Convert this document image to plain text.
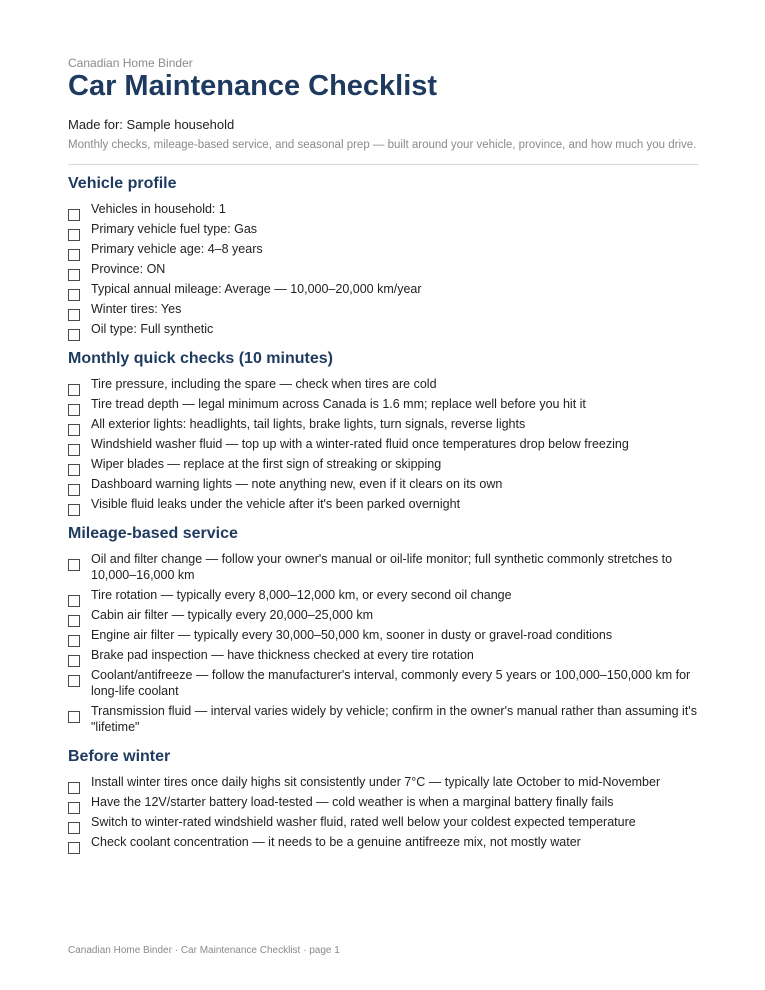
Canadian Home Binder
Car Maintenance Checklist
Made for: Sample household
Monthly checks, mileage-based service, and seasonal prep — built around your vehicle, province, and how much you drive.
Vehicle profile
Vehicles in household: 1
Primary vehicle fuel type: Gas
Primary vehicle age: 4–8 years
Province: ON
Typical annual mileage: Average — 10,000–20,000 km/year
Winter tires: Yes
Oil type: Full synthetic
Monthly quick checks (10 minutes)
Tire pressure, including the spare — check when tires are cold
Tire tread depth — legal minimum across Canada is 1.6 mm; replace well before you hit it
All exterior lights: headlights, tail lights, brake lights, turn signals, reverse lights
Windshield washer fluid — top up with a winter-rated fluid once temperatures drop below freezing
Wiper blades — replace at the first sign of streaking or skipping
Dashboard warning lights — note anything new, even if it clears on its own
Visible fluid leaks under the vehicle after it's been parked overnight
Mileage-based service
Oil and filter change — follow your owner's manual or oil-life monitor; full synthetic commonly stretches to 10,000–16,000 km
Tire rotation — typically every 8,000–12,000 km, or every second oil change
Cabin air filter — typically every 20,000–25,000 km
Engine air filter — typically every 30,000–50,000 km, sooner in dusty or gravel-road conditions
Brake pad inspection — have thickness checked at every tire rotation
Coolant/antifreeze — follow the manufacturer's interval, commonly every 5 years or 100,000–150,000 km for long-life coolant
Transmission fluid — interval varies widely by vehicle; confirm in the owner's manual rather than assuming it's "lifetime"
Before winter
Install winter tires once daily highs sit consistently under 7°C — typically late October to mid-November
Have the 12V/starter battery load-tested — cold weather is when a marginal battery finally fails
Switch to winter-rated windshield washer fluid, rated well below your coldest expected temperature
Check coolant concentration — it needs to be a genuine antifreeze mix, not mostly water
Canadian Home Binder · Car Maintenance Checklist · page 1
